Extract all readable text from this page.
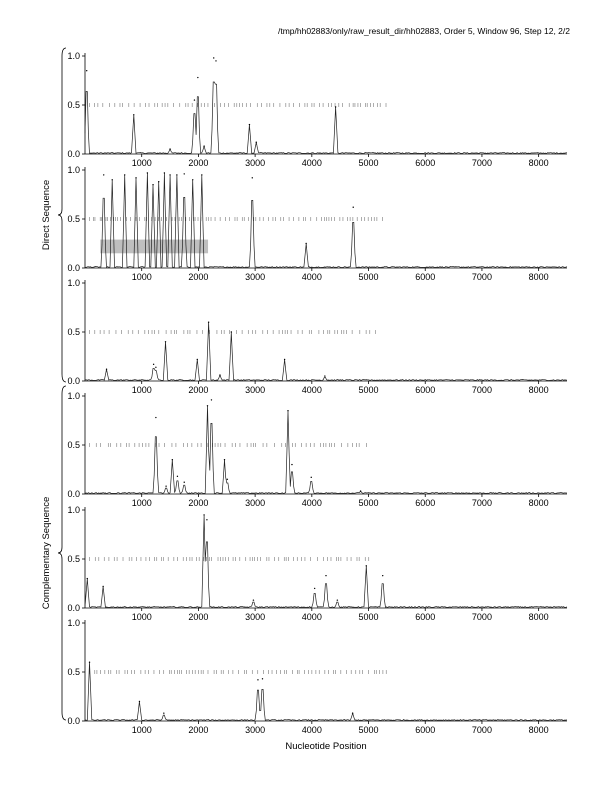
/tmp/hh02883/only/raw_result_dir/hh02883, Order 5, Window 96, Step 12, 2/2
0.0
0.5
1.0
1000	2000	3000	4000	5000	6000	7000	8000
0.0
0.5
1.0
1000	2000	3000	4000	5000	6000	7000	8000
0.0
0.5
1.0
1000	2000	3000	4000	5000	6000	7000	8000
0.0
0.5
1.0
1000	2000	3000	4000	5000	6000	7000	8000
0.0
0.5
1.0
1000	2000	3000	4000	5000	6000	7000	8000
0.0
0.5
1.0
1000	2000	3000	4000	5000	6000	7000	8000
Direct Sequence
Complementary Sequence
Nucleotide Position
